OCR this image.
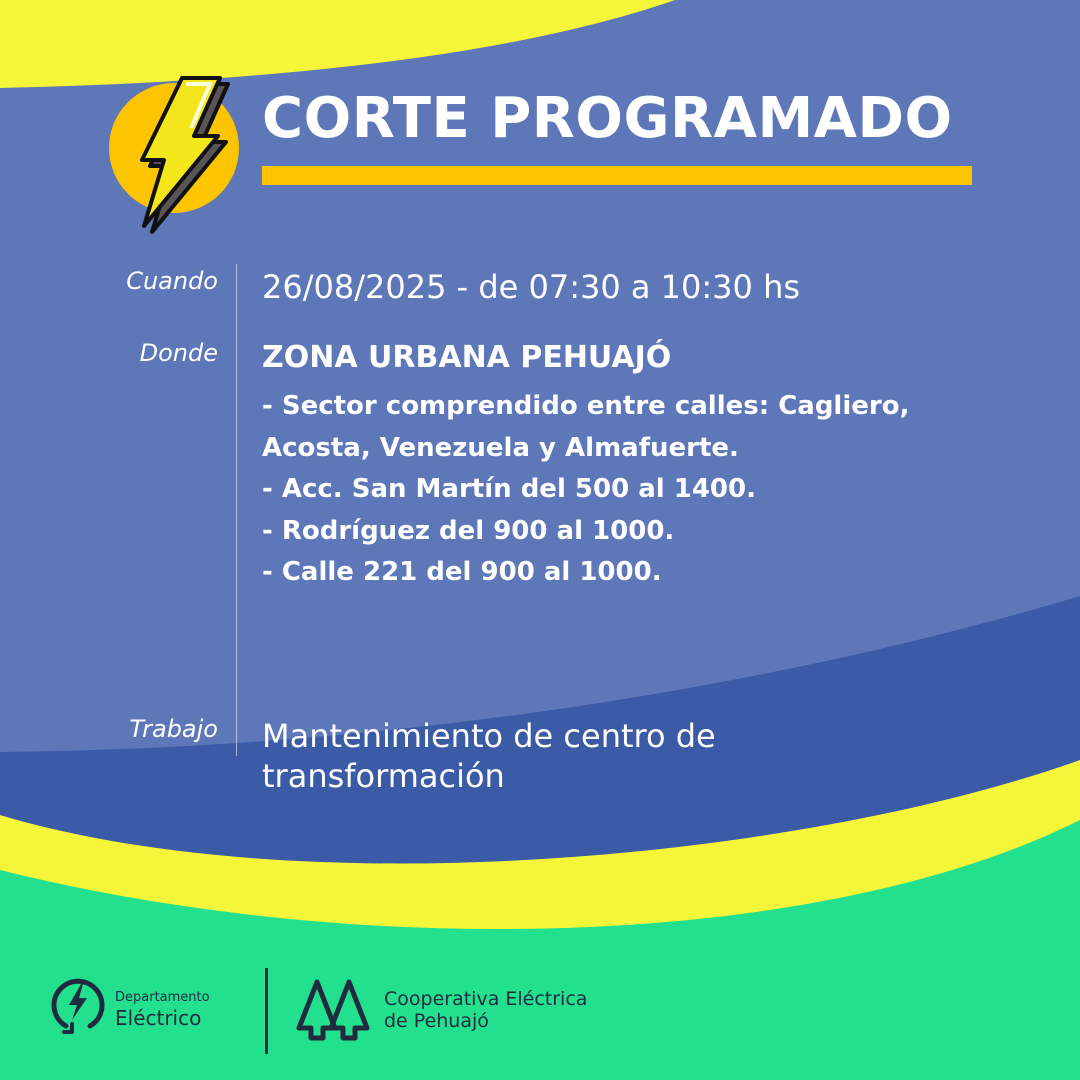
CORTE PROGRAMADO
Cuando 26/08/2025 - de 07:30 a 10:30 hs
Donde ZONA URBANA PEHUAJÓ
- Sector comprendido entre calles: Cagliero,
Acosta, Venezuela y Almafuerte.
- Acc. San Martín del 500 al 1400.
- Rodríguez del 900 al 1000.
- Calle 221 del 900 al 1000.
Trabajo Mantenimiento de centro de transformación
Departamento
Eléctrico
Cooperativa Eléctrica
de Pehuajó
